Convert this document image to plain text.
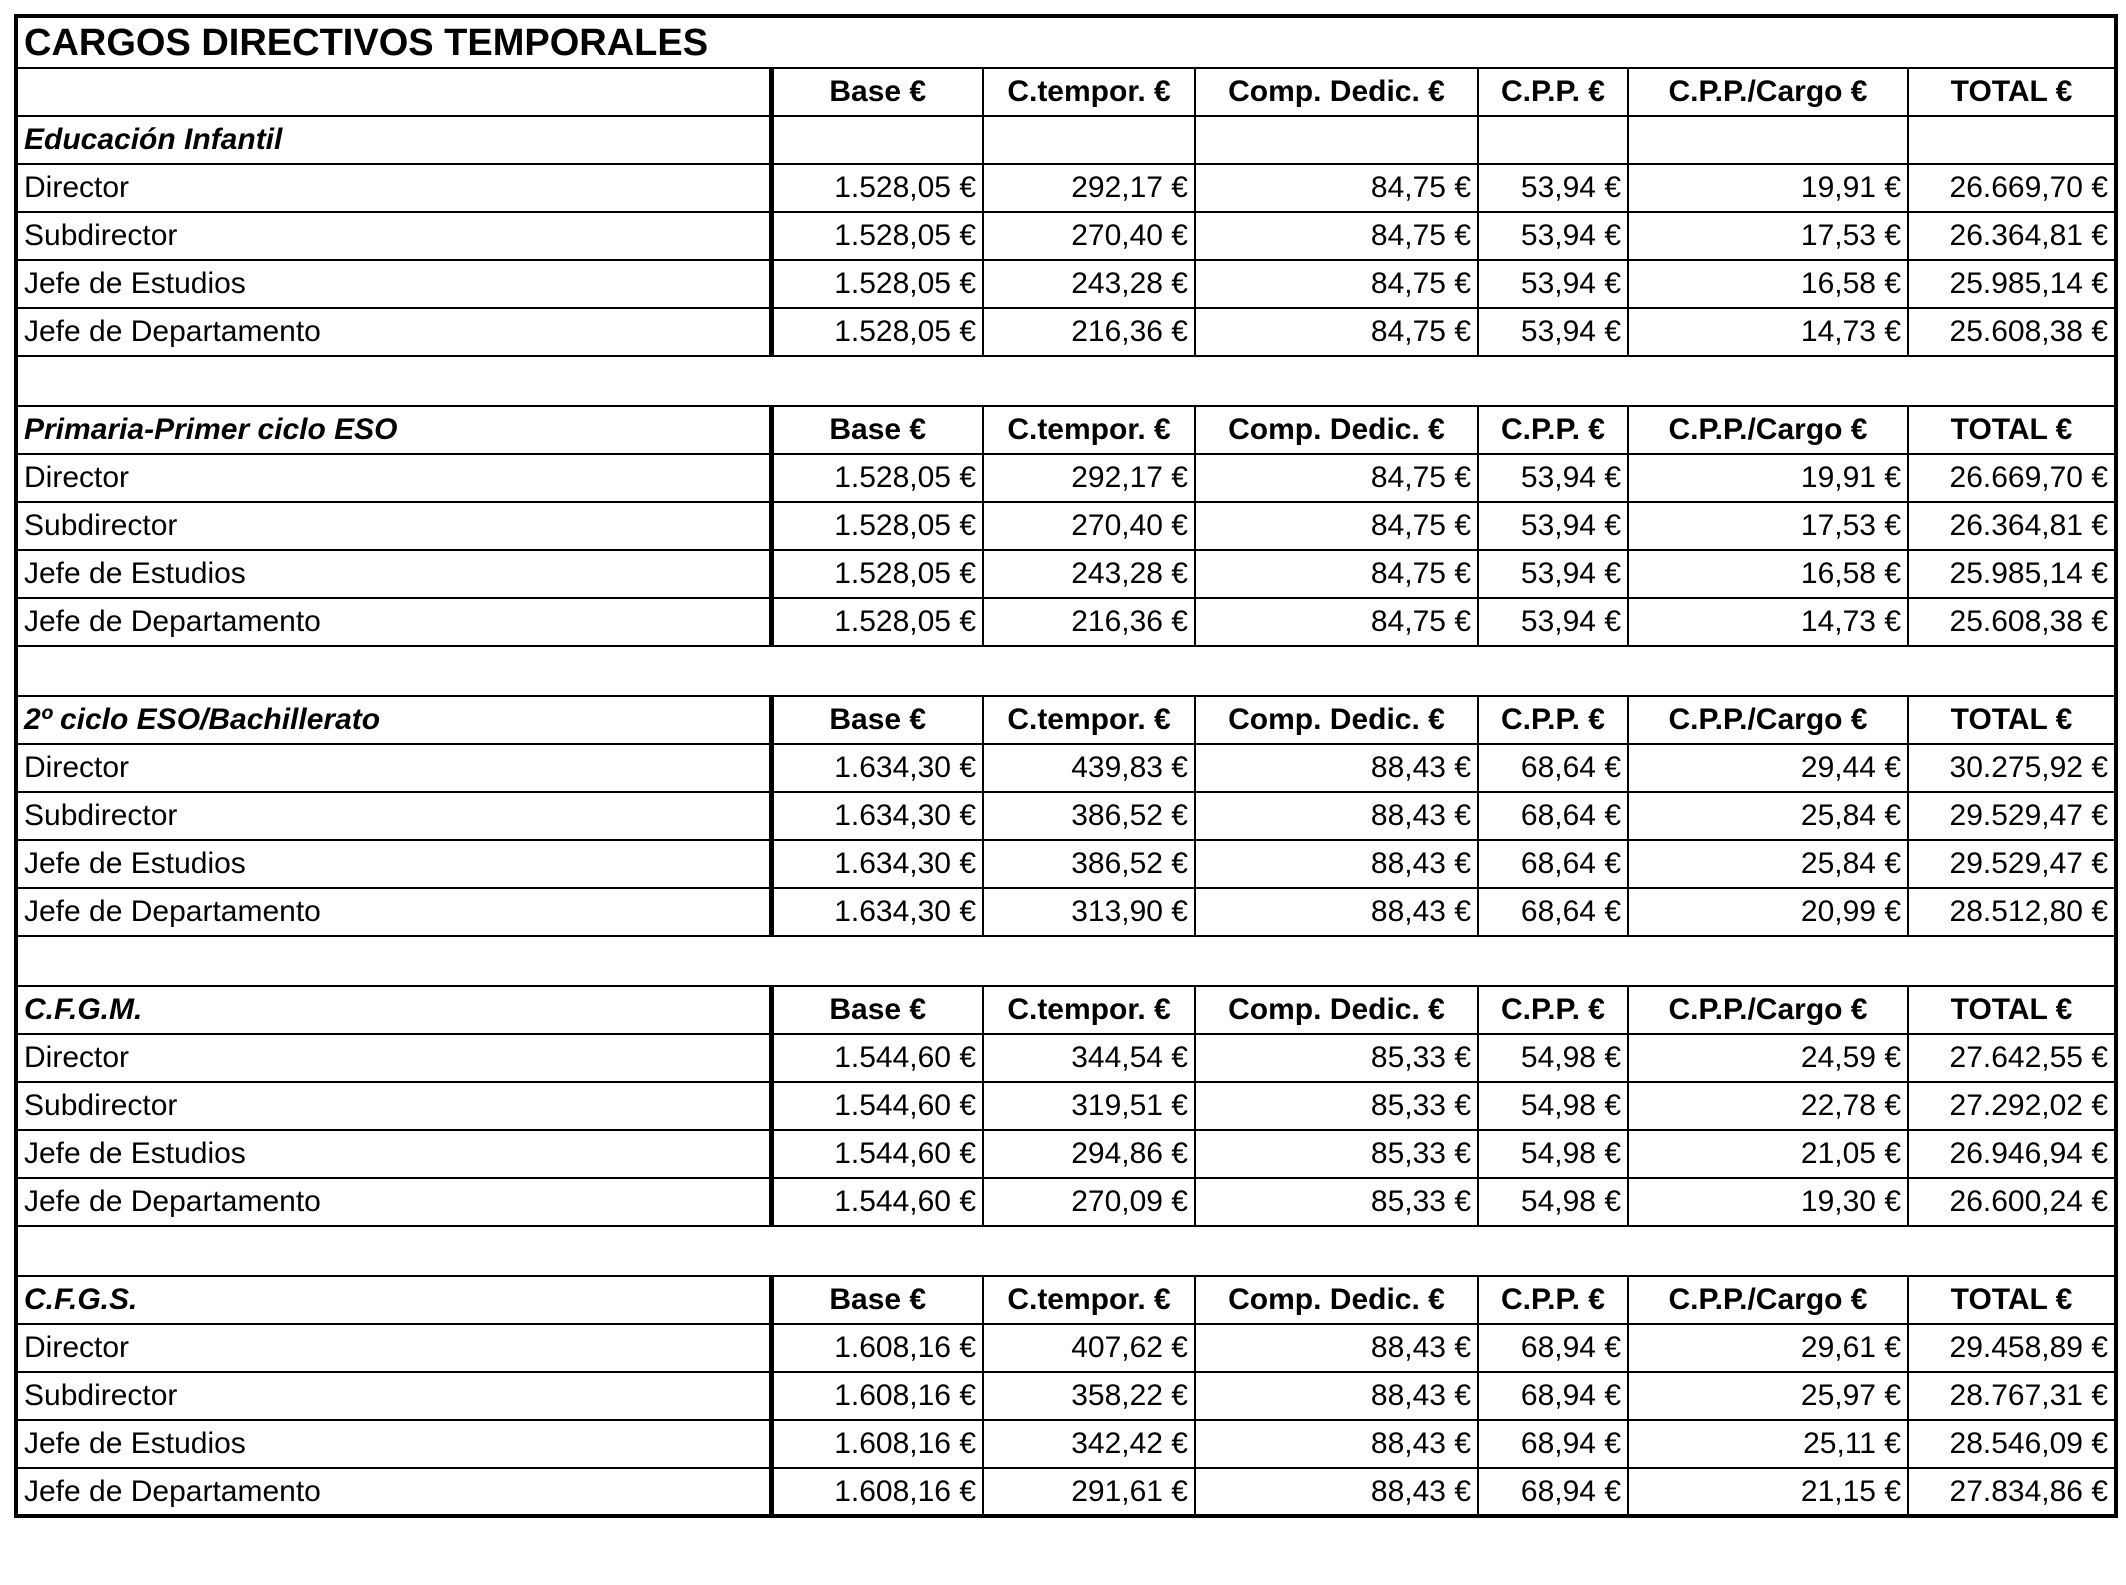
CARGOS DIRECTIVOS TEMPORALES						
	Base €	C.tempor. €	Comp. Dedic. €	C.P.P. €	C.P.P./Cargo €	TOTAL €
Educación Infantil						
Director	1.528,05 €	292,17 €	84,75 €	53,94 €	19,91 €	26.669,70 €
Subdirector	1.528,05 €	270,40 €	84,75 €	53,94 €	17,53 €	26.364,81 €
Jefe de Estudios	1.528,05 €	243,28 €	84,75 €	53,94 €	16,58 €	25.985,14 €
Jefe de Departamento	1.528,05 €	216,36 €	84,75 €	53,94 €	14,73 €	25.608,38 €

Primaria-Primer ciclo ESO	Base €	C.tempor. €	Comp. Dedic. €	C.P.P. €	C.P.P./Cargo €	TOTAL €
Director	1.528,05 €	292,17 €	84,75 €	53,94 €	19,91 €	26.669,70 €
Subdirector	1.528,05 €	270,40 €	84,75 €	53,94 €	17,53 €	26.364,81 €
Jefe de Estudios	1.528,05 €	243,28 €	84,75 €	53,94 €	16,58 €	25.985,14 €
Jefe de Departamento	1.528,05 €	216,36 €	84,75 €	53,94 €	14,73 €	25.608,38 €

2º ciclo ESO/Bachillerato	Base €	C.tempor. €	Comp. Dedic. €	C.P.P. €	C.P.P./Cargo €	TOTAL €
Director	1.634,30 €	439,83 €	88,43 €	68,64 €	29,44 €	30.275,92 €
Subdirector	1.634,30 €	386,52 €	88,43 €	68,64 €	25,84 €	29.529,47 €
Jefe de Estudios	1.634,30 €	386,52 €	88,43 €	68,64 €	25,84 €	29.529,47 €
Jefe de Departamento	1.634,30 €	313,90 €	88,43 €	68,64 €	20,99 €	28.512,80 €

C.F.G.M.	Base €	C.tempor. €	Comp. Dedic. €	C.P.P. €	C.P.P./Cargo €	TOTAL €
Director	1.544,60 €	344,54 €	85,33 €	54,98 €	24,59 €	27.642,55 €
Subdirector	1.544,60 €	319,51 €	85,33 €	54,98 €	22,78 €	27.292,02 €
Jefe de Estudios	1.544,60 €	294,86 €	85,33 €	54,98 €	21,05 €	26.946,94 €
Jefe de Departamento	1.544,60 €	270,09 €	85,33 €	54,98 €	19,30 €	26.600,24 €

C.F.G.S.	Base €	C.tempor. €	Comp. Dedic. €	C.P.P. €	C.P.P./Cargo €	TOTAL €
Director	1.608,16 €	407,62 €	88,43 €	68,94 €	29,61 €	29.458,89 €
Subdirector	1.608,16 €	358,22 €	88,43 €	68,94 €	25,97 €	28.767,31 €
Jefe de Estudios	1.608,16 €	342,42 €	88,43 €	68,94 €	25,11 €	28.546,09 €
Jefe de Departamento	1.608,16 €	291,61 €	88,43 €	68,94 €	21,15 €	27.834,86 €
